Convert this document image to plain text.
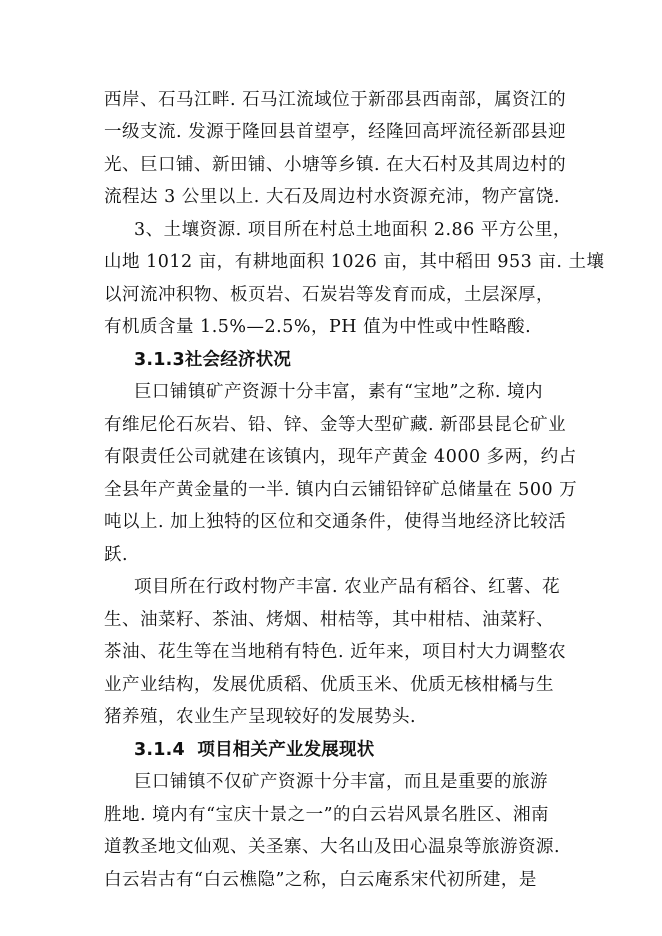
西岸、石马江畔. 石马江流域位于新邵县西南部，属资江的
一级支流. 发源于隆回县首望亭，经隆回高坪流径新邵县迎
光、巨口铺、新田铺、小塘等乡镇. 在大石村及其周边村的
流程达 3 公里以上. 大石及周边村水资源充沛，物产富饶.
3、土壤资源. 项目所在村总土地面积 2.86 平方公里，
山地 1012 亩，有耕地面积 1026 亩，其中稻田 953 亩. 土壤
以河流冲积物、板页岩、石炭岩等发育而成，土层深厚，
有机质含量 1.5%—2.5%，PH 值为中性或中性略酸.
3.1.3社会经济状况
巨口铺镇矿产资源十分丰富，素有“宝地”之称. 境内
有维尼伦石灰岩、铅、锌、金等大型矿藏. 新邵县昆仑矿业
有限责任公司就建在该镇内，现年产黄金 4000 多两，约占
全县年产黄金量的一半. 镇内白云铺铅锌矿总储量在 500 万
吨以上. 加上独特的区位和交通条件，使得当地经济比较活
跃.
项目所在行政村物产丰富. 农业产品有稻谷、红薯、花
生、油菜籽、茶油、烤烟、柑桔等，其中柑桔、油菜籽、
茶油、花生等在当地稍有特色. 近年来，项目村大力调整农
业产业结构，发展优质稻、优质玉米、优质无核柑橘与生
猪养殖，农业生产呈现较好的发展势头.
3.1.4  项目相关产业发展现状
巨口铺镇不仅矿产资源十分丰富，而且是重要的旅游
胜地. 境内有“宝庆十景之一”的白云岩风景名胜区、湘南
道教圣地文仙观、关圣寨、大名山及田心温泉等旅游资源.
白云岩古有“白云樵隐”之称，白云庵系宋代初所建，是
